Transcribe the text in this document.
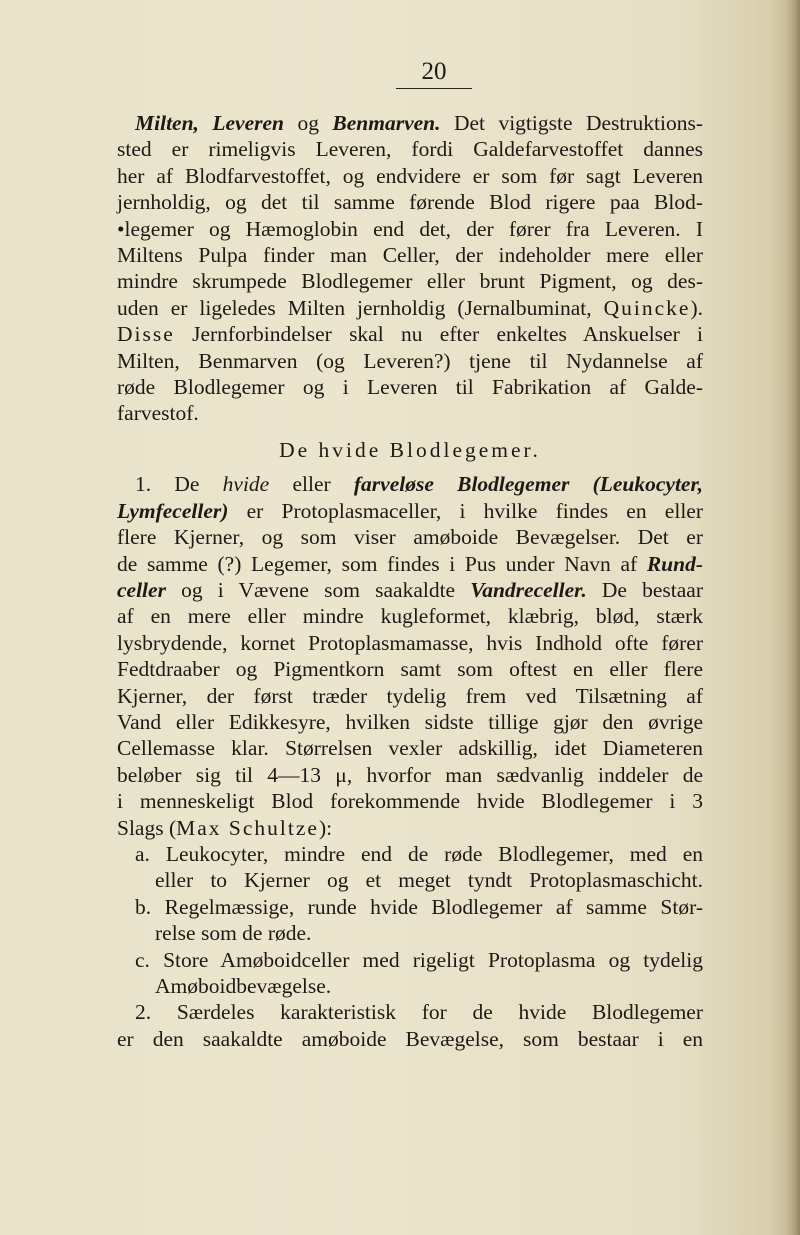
20
Milten, Leveren og Benmarven. Det vigtigste Destruktions-
sted er rimeligvis Leveren, fordi Galdefarvestoffet dannes
her af Blodfarvestoffet, og endvidere er som før sagt Leveren
jernholdig, og det til samme førende Blod rigere paa Blod-
•legemer og Hæmoglobin end det, der fører fra Leveren. I
Miltens Pulpa finder man Celler, der indeholder mere eller
mindre skrumpede Blodlegemer eller brunt Pigment, og des-
uden er ligeledes Milten jernholdig (Jernalbuminat, Quincke).
Disse Jernforbindelser skal nu efter enkeltes Anskuelser i
Milten, Benmarven (og Leveren?) tjene til Nydannelse af
røde Blodlegemer og i Leveren til Fabrikation af Galde-
farvestof.
De hvide Blodlegemer.
1. De hvide eller farveløse Blodlegemer (Leukocyter,
Lymfeceller) er Protoplasmaceller, i hvilke findes en eller
flere Kjerner, og som viser amøboide Bevægelser. Det er
de samme (?) Legemer, som findes i Pus under Navn af Rund-
celler og i Vævene som saakaldte Vandreceller. De bestaar
af en mere eller mindre kugleformet, klæbrig, blød, stærk
lysbrydende, kornet Protoplasmamasse, hvis Indhold ofte fører
Fedtdraaber og Pigmentkorn samt som oftest en eller flere
Kjerner, der først træder tydelig frem ved Tilsætning af
Vand eller Edikkesyre, hvilken sidste tillige gjør den øvrige
Cellemasse klar. Størrelsen vexler adskillig, idet Diameteren
beløber sig til 4—13 μ, hvorfor man sædvanlig inddeler de
i menneskeligt Blod forekommende hvide Blodlegemer i 3
Slags (Max Schultze):
a. Leukocyter, mindre end de røde Blodlegemer, med en
eller to Kjerner og et meget tyndt Protoplasmaschicht.
b. Regelmæssige, runde hvide Blodlegemer af samme Stør-
relse som de røde.
c. Store Amøboidceller med rigeligt Protoplasma og tydelig
Amøboidbevægelse.
2. Særdeles karakteristisk for de hvide Blodlegemer
er den saakaldte amøboide Bevægelse, som bestaar i en
